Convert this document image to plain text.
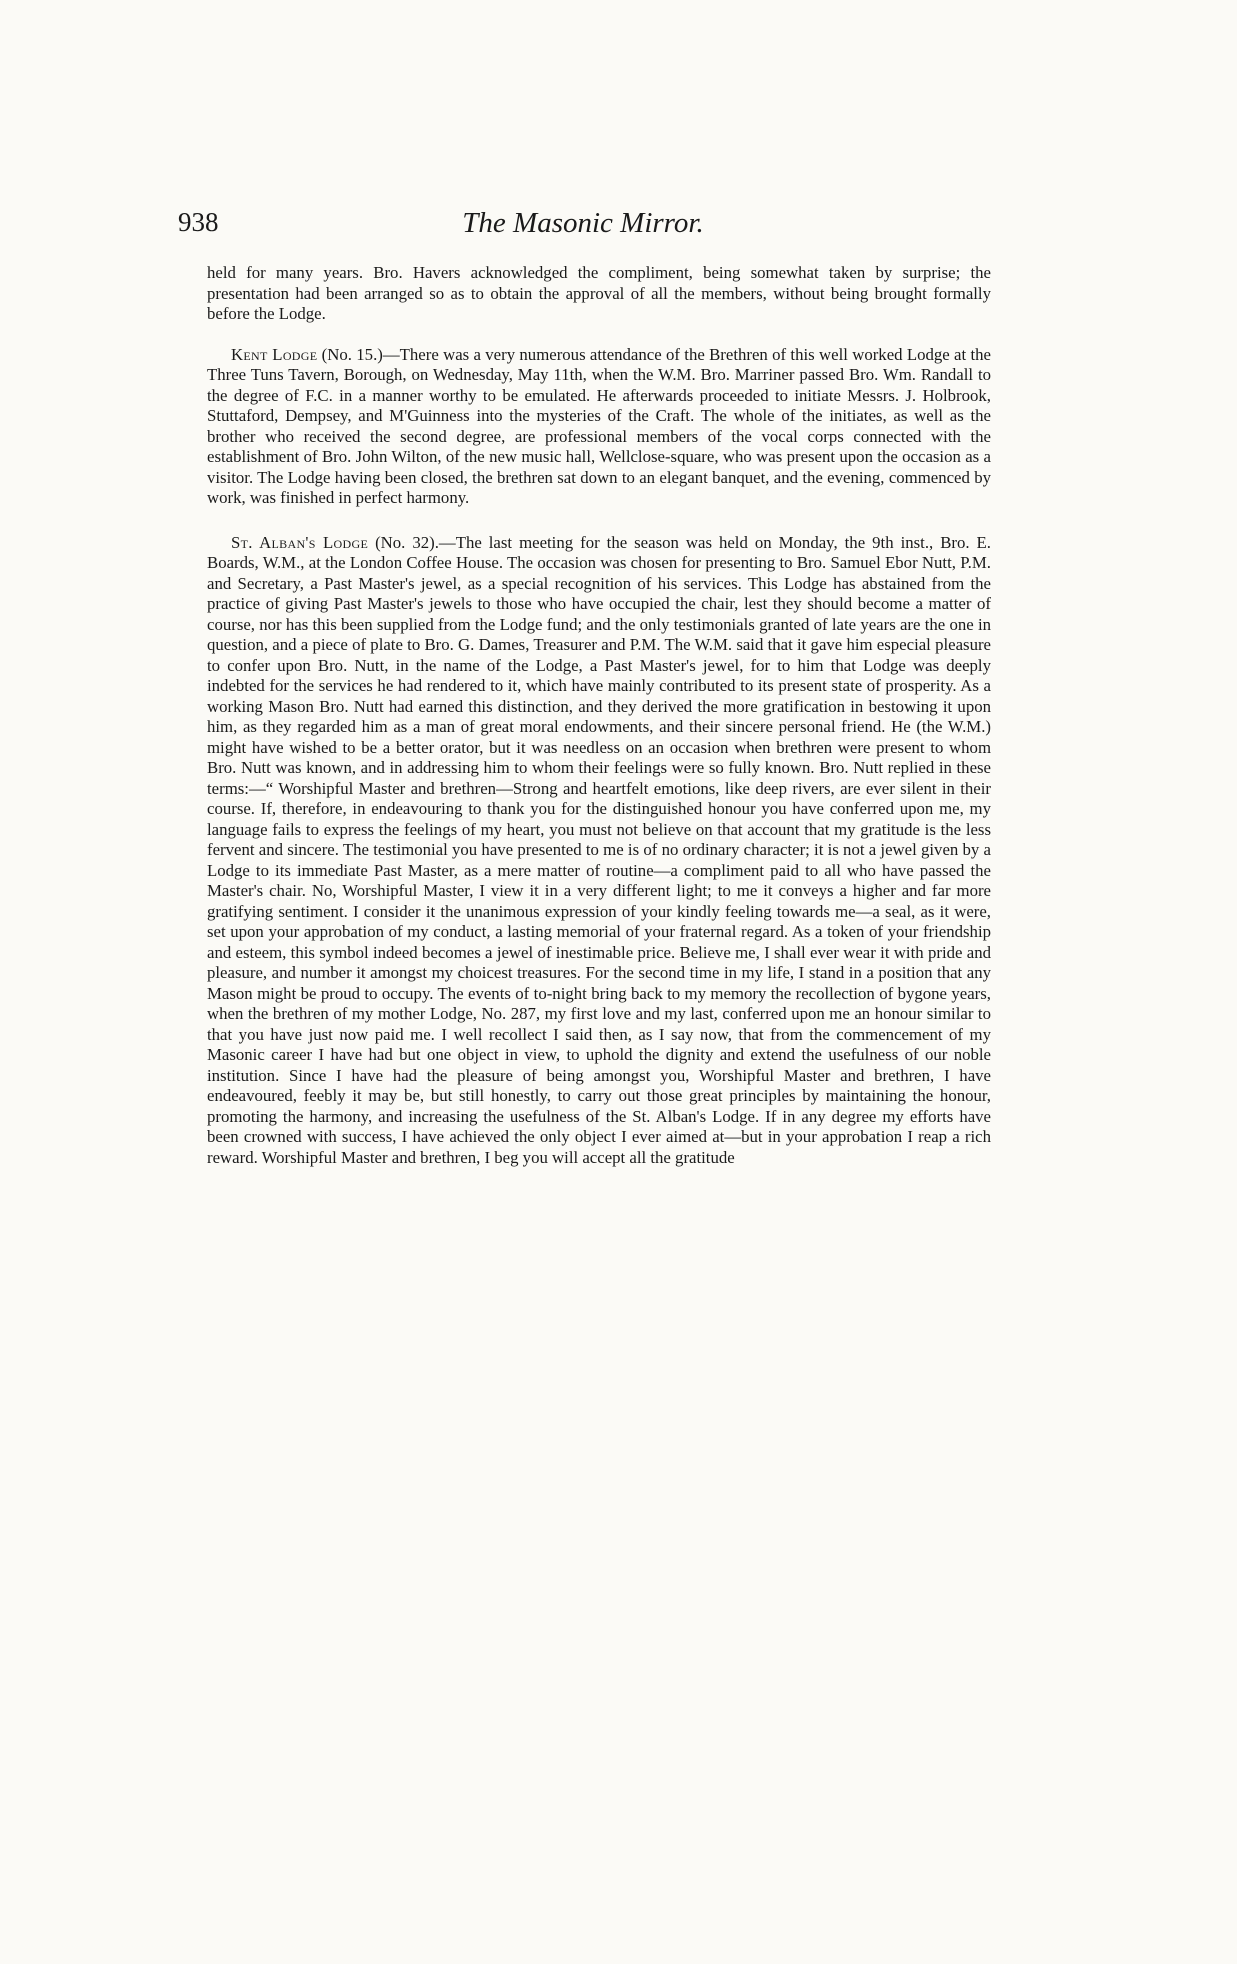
938	The Masonic Mirror.

held for many years. Bro. Havers acknowledged the compliment, being somewhat taken by surprise; the presentation had been arranged so as to obtain the approval of all the members, without being brought formally before the Lodge.

Kent Lodge (No. 15.)—There was a very numerous attendance of the Brethren of this well worked Lodge at the Three Tuns Tavern, Borough, on Wednesday, May 11th, when the W.M. Bro. Marriner passed Bro. Wm. Randall to the degree of F.C. in a manner worthy to be emulated. He afterwards proceeded to initiate Messrs. J. Holbrook, Stuttaford, Dempsey, and M'Guinness into the mysteries of the Craft. The whole of the initiates, as well as the brother who received the second degree, are professional members of the vocal corps connected with the establishment of Bro. John Wilton, of the new music hall, Wellclose-square, who was present upon the occasion as a visitor. The Lodge having been closed, the brethren sat down to an elegant banquet, and the evening, commenced by work, was finished in perfect harmony.

St. Alban's Lodge (No. 32).—The last meeting for the season was held on Monday, the 9th inst., Bro. E. Boards, W.M., at the London Coffee House. The occasion was chosen for presenting to Bro. Samuel Ebor Nutt, P.M. and Secretary, a Past Master's jewel, as a special recognition of his services. This Lodge has abstained from the practice of giving Past Master's jewels to those who have occupied the chair, lest they should become a matter of course, nor has this been supplied from the Lodge fund; and the only testimonials granted of late years are the one in question, and a piece of plate to Bro. G. Dames, Treasurer and P.M. The W.M. said that it gave him especial pleasure to confer upon Bro. Nutt, in the name of the Lodge, a Past Master's jewel, for to him that Lodge was deeply indebted for the services he had rendered to it, which have mainly contributed to its present state of prosperity. As a working Mason Bro. Nutt had earned this distinction, and they derived the more gratification in bestowing it upon him, as they regarded him as a man of great moral endowments, and their sincere personal friend. He (the W.M.) might have wished to be a better orator, but it was needless on an occasion when brethren were present to whom Bro. Nutt was known, and in addressing him to whom their feelings were so fully known. Bro. Nutt replied in these terms:—“ Worshipful Master and brethren—Strong and heartfelt emotions, like deep rivers, are ever silent in their course. If, therefore, in endeavouring to thank you for the distinguished honour you have conferred upon me, my language fails to express the feelings of my heart, you must not believe on that account that my gratitude is the less fervent and sincere. The testimonial you have presented to me is of no ordinary character; it is not a jewel given by a Lodge to its immediate Past Master, as a mere matter of routine—a compliment paid to all who have passed the Master's chair. No, Worshipful Master, I view it in a very different light; to me it conveys a higher and far more gratifying sentiment. I consider it the unanimous expression of your kindly feeling towards me—a seal, as it were, set upon your approbation of my conduct, a lasting memorial of your fraternal regard. As a token of your friendship and esteem, this symbol indeed becomes a jewel of inestimable price. Believe me, I shall ever wear it with pride and pleasure, and number it amongst my choicest treasures. For the second time in my life, I stand in a position that any Mason might be proud to occupy. The events of to-night bring back to my memory the recollection of bygone years, when the brethren of my mother Lodge, No. 287, my first love and my last, conferred upon me an honour similar to that you have just now paid me. I well recollect I said then, as I say now, that from the commencement of my Masonic career I have had but one object in view, to uphold the dignity and extend the usefulness of our noble institution. Since I have had the pleasure of being amongst you, Worshipful Master and brethren, I have endeavoured, feebly it may be, but still honestly, to carry out those great principles by maintaining the honour, promoting the harmony, and increasing the usefulness of the St. Alban's Lodge. If in any degree my efforts have been crowned with success, I have achieved the only object I ever aimed at—but in your approbation I reap a rich reward. Worshipful Master and brethren, I beg you will accept all the gratitude
